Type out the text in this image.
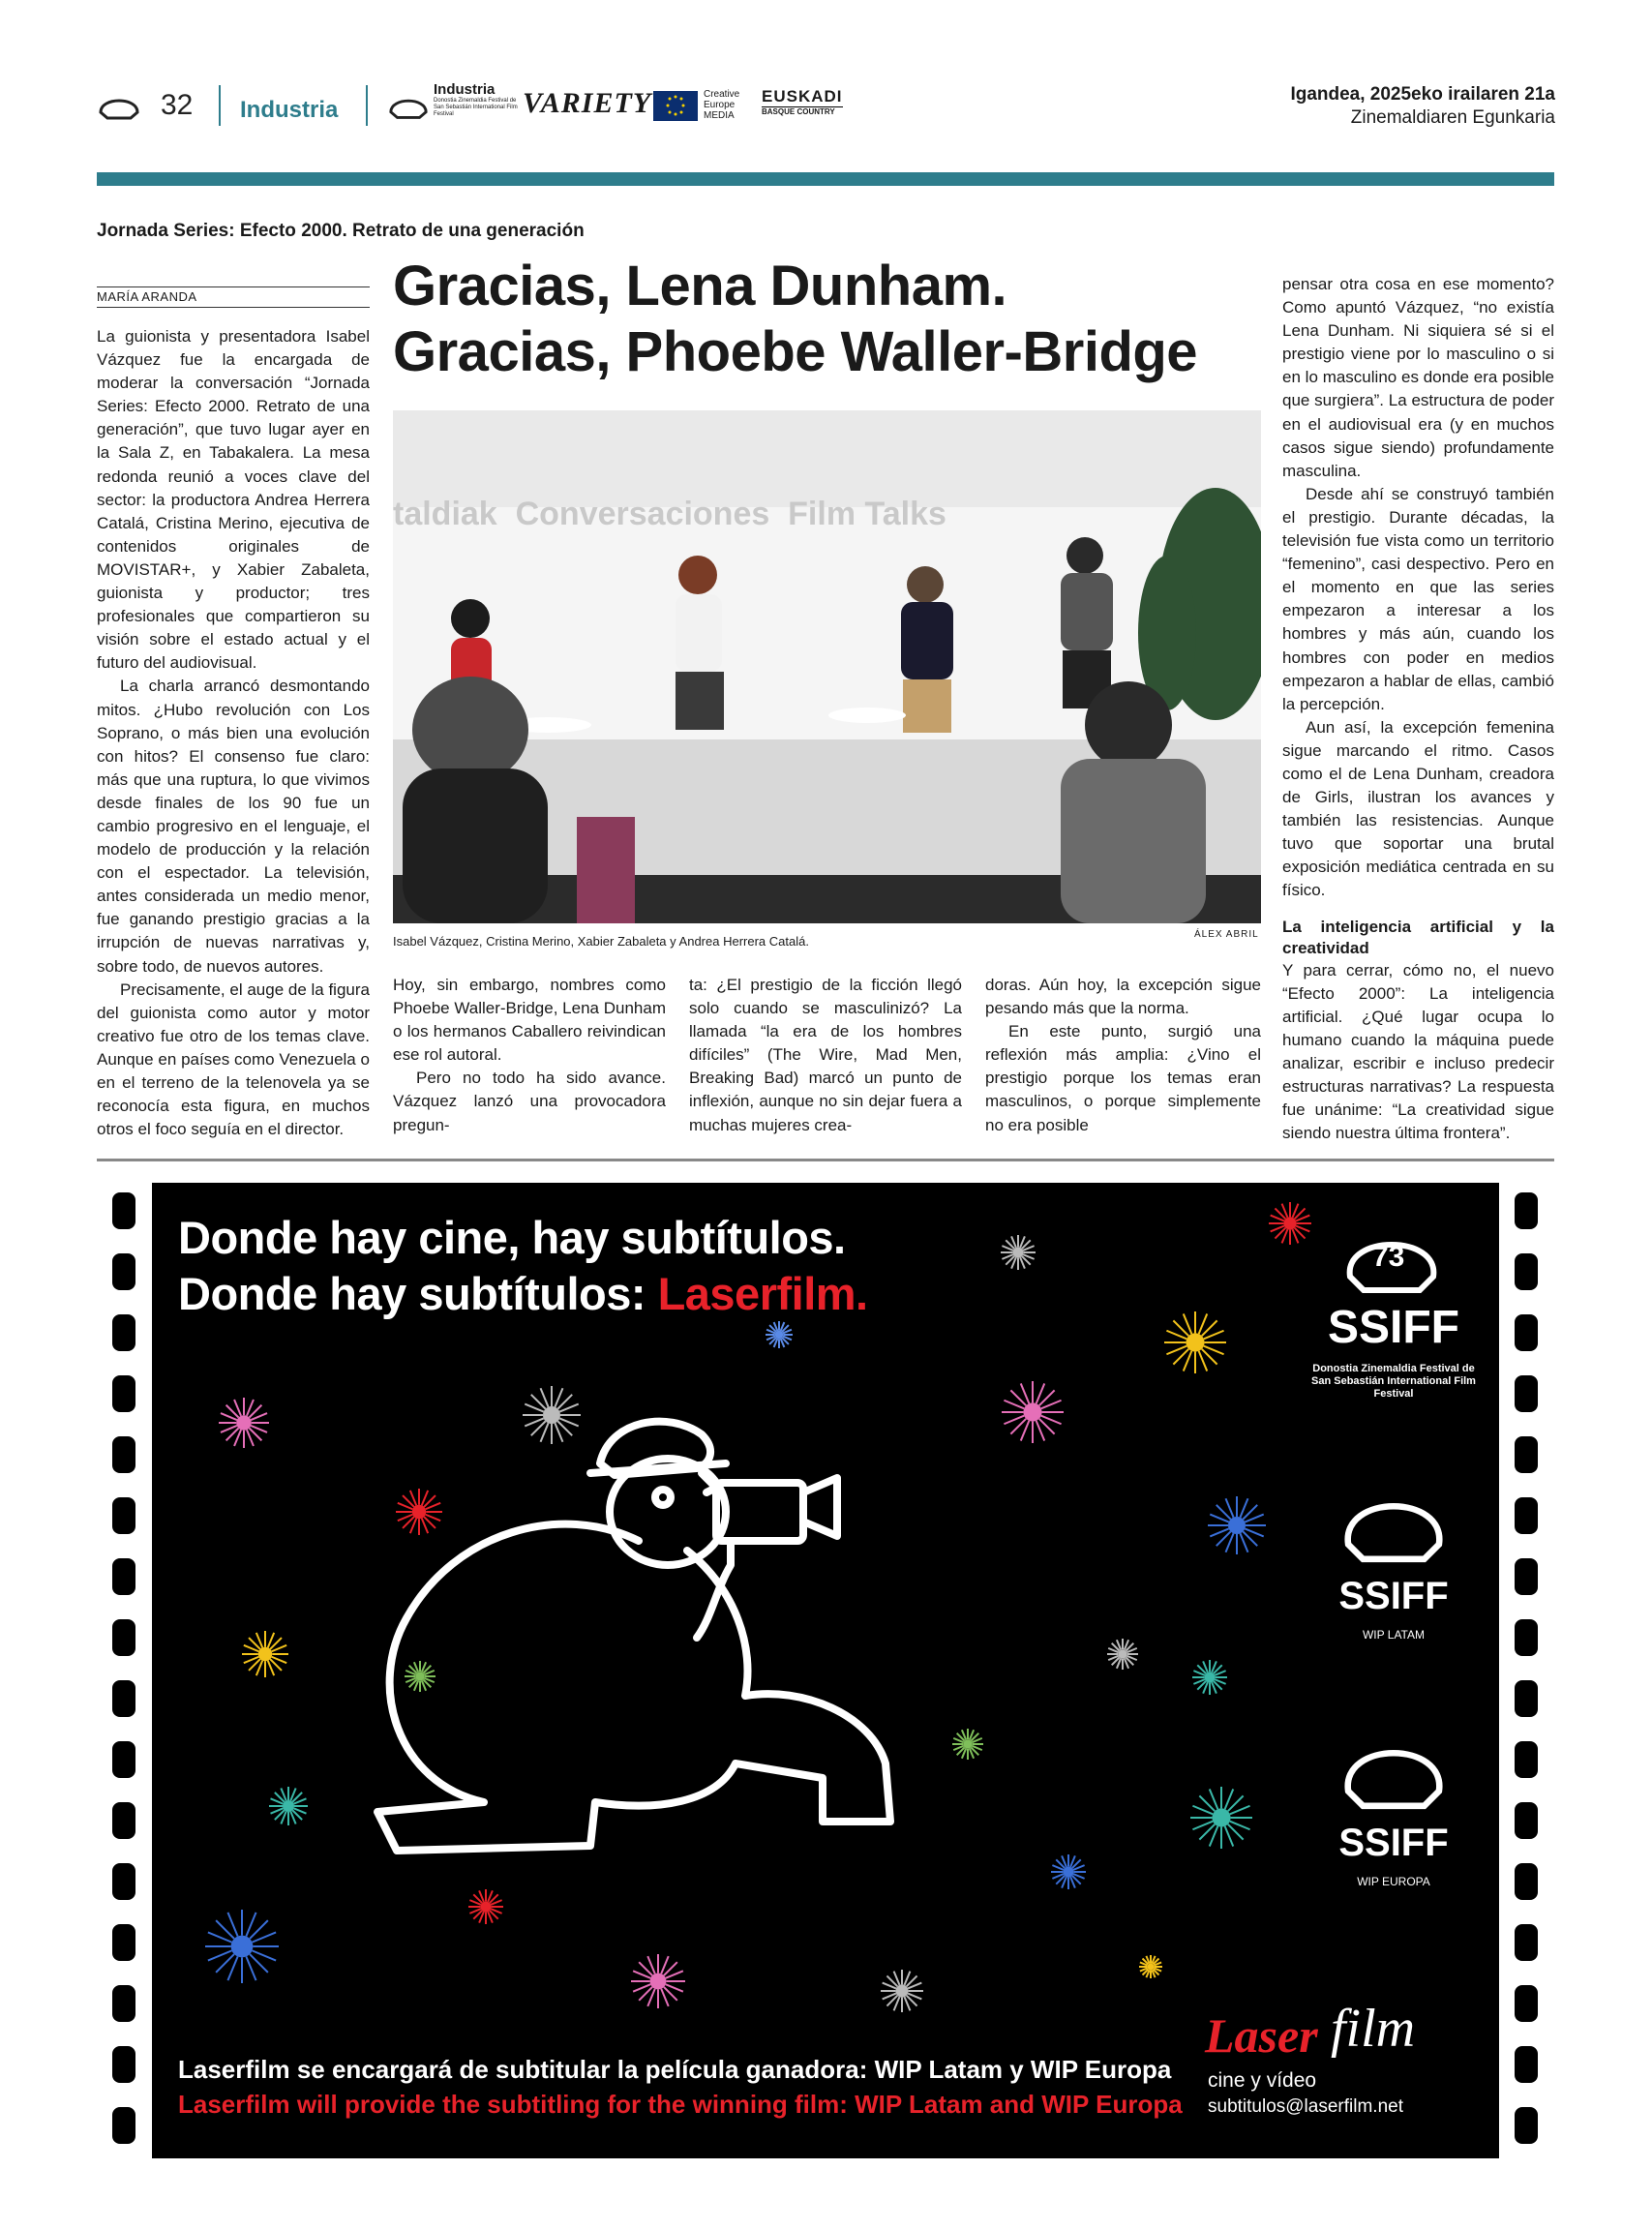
32 Industria
Industria
Donostia Zinemaldia Festival de San Sebastián International Film Festival	VARIETY	Creative Europe MEDIA
EUSKADI
BASQUE COUNTRY
Igandea, 2025eko irailaren 21a
Zinemaldiaren Egunkaria
Jornada Series: Efecto 2000. Retrato de una generación
MARÍA ARANDA

La guionista y presentadora Isabel Vázquez fue la encargada de moderar la conversación “Jornada Series: Efecto 2000. Retrato de una generación”, que tuvo lugar ayer en la Sala Z, en Tabakalera. La mesa redonda reunió a voces clave del sector: la productora Andrea Herrera Catalá, Cristina Merino, ejecutiva de contenidos originales de MOVISTAR+, y Xabier Zabaleta, guionista y productor; tres profesionales que compartieron su visión sobre el estado actual y el futuro del audiovisual.

La charla arrancó desmontando mitos. ¿Hubo revolución con Los Soprano, o más bien una evolución con hitos? El consenso fue claro: más que una ruptura, lo que vivimos desde finales de los 90 fue un cambio progresivo en el lenguaje, el modelo de producción y la relación con el espectador. La televisión, antes considerada un medio menor, fue ganando prestigio gracias a la irrupción de nuevas narrativas y, sobre todo, de nuevos autores.

Precisamente, el auge de la figura del guionista como autor y motor creativo fue otro de los temas clave. Aunque en países como Venezuela o en el terreno de la telenovela ya se reconocía esta figura, en muchos otros el foco seguía en el director.

Gracias, Lena Dunham.
Gracias, Phoebe Waller-Bridge
taldiak  Conversaciones  Film Talks
Isabel Vázquez, Cristina Merino, Xabier Zabaleta y Andrea Herrera Catalá.	ÁLEX ABRIL

Hoy, sin embargo, nombres como Phoebe Waller-Bridge, Lena Dunham o los hermanos Caballero reivindican ese rol autoral.

Pero no todo ha sido avance. Vázquez lanzó una provocadora pregun-

ta: ¿El prestigio de la ficción llegó solo cuando se masculinizó? La llamada “la era de los hombres difíciles” (The Wire, Mad Men, Breaking Bad) marcó un punto de inflexión, aunque no sin dejar fuera a muchas mujeres crea-

doras. Aún hoy, la excepción sigue pesando más que la norma.

En este punto, surgió una reflexión más amplia: ¿Vino el prestigio porque los temas eran masculinos, o porque simplemente no era posible

pensar otra cosa en ese momento? Como apuntó Vázquez, “no existía Lena Dunham. Ni siquiera sé si el prestigio viene por lo masculino o si en lo masculino es donde era posible que surgiera”. La estructura de poder en el audiovisual era (y en muchos casos sigue siendo) profundamente masculina.

Desde ahí se construyó también el prestigio. Durante décadas, la televisión fue vista como un territorio “femenino”, casi despectivo. Pero en el momento en que las series empezaron a interesar a los hombres y más aún, cuando los hombres con poder en medios empezaron a hablar de ellas, cambió la percepción.

Aun así, la excepción femenina sigue marcando el ritmo. Casos como el de Lena Dunham, creadora de Girls, ilustran los avances y también las resistencias. Aunque tuvo que soportar una brutal exposición mediática centrada en su físico.

La inteligencia artificial y la creatividad

Y para cerrar, cómo no, el nuevo “Efecto 2000”: La inteligencia artificial. ¿Qué lugar ocupa lo humano cuando la máquina puede analizar, escribir e incluso predecir estructuras narrativas? La respuesta fue unánime: “La creatividad sigue siendo nuestra última frontera”.

Donde hay cine, hay subtítulos.
Donde hay subtítulos: Laserfilm.
73
SSIFF
Donostia Zinemaldia Festival de San Sebastián International Film Festival
SSIFF
WIP LATAM
SSIFF
WIP EUROPA
Laserfilm se encargará de subtitular la película ganadora: WIP Latam y WIP Europa
Laserfilm will provide the subtitling for the winning film: WIP Latam and WIP Europa
Laser film
cine y vídeo
subtitulos@laserfilm.net
